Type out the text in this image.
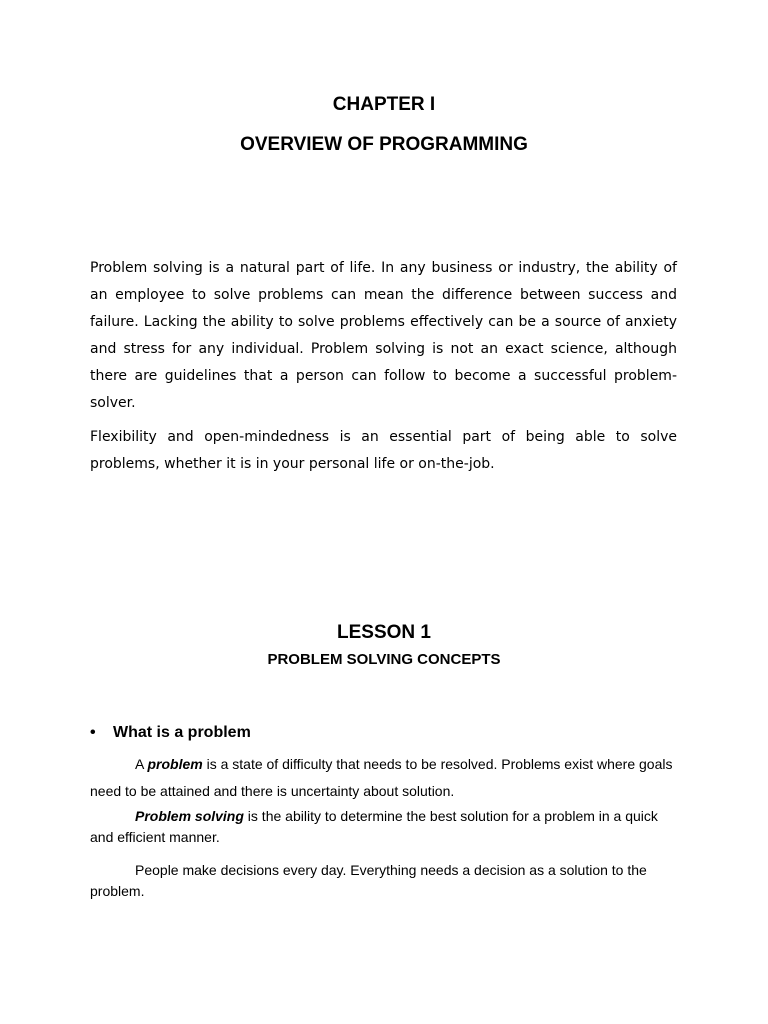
CHAPTER I
OVERVIEW OF PROGRAMMING

Problem solving is a natural part of life. In any business or industry, the ability of an employee to solve problems can mean the difference between success and failure. Lacking the ability to solve problems effectively can be a source of anxiety and stress for any individual. Problem solving is not an exact science, although there are guidelines that a person can follow to become a successful problem-solver.

Flexibility and open-mindedness is an essential part of being able to solve problems, whether it is in your personal life or on-the-job.

LESSON 1
PROBLEM SOLVING CONCEPTS
•	What is a problem

A problem is a state of difficulty that needs to be resolved. Problems exist where goals need to be attained and there is uncertainty about solution.

Problem solving is the ability to determine the best solution for a problem in a quick and efficient manner.

People make decisions every day. Everything needs a decision as a solution to the problem.
